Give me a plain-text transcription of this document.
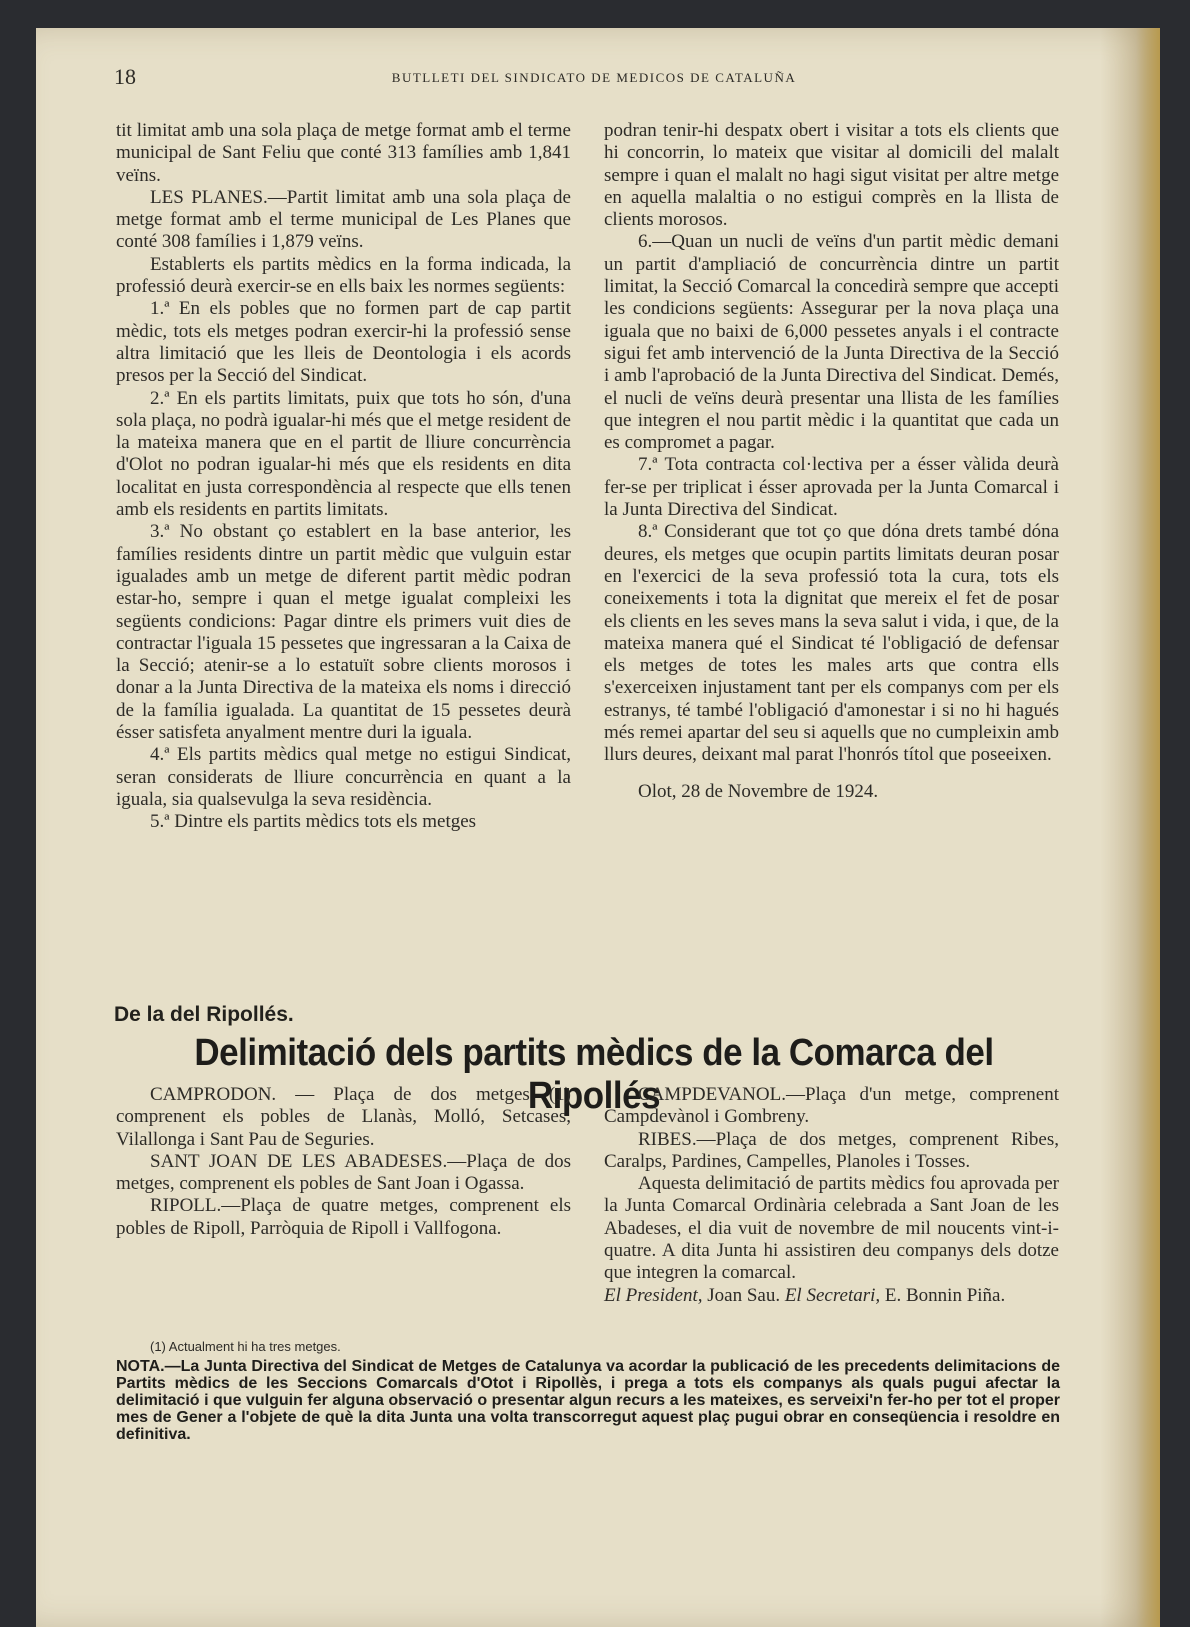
18	BUTLLETI DEL SINDICATO DE MEDICOS DE CATALUÑA

tit limitat amb una sola plaça de metge format amb el terme municipal de Sant Feliu que conté 313 famílies amb 1,841 veïns.

LES PLANES.—Partit limitat amb una sola plaça de metge format amb el terme municipal de Les Planes que conté 308 famílies i 1,879 veïns.

Establerts els partits mèdics en la forma indicada, la professió deurà exercir-se en ells baix les normes següents:

1.ª En els pobles que no formen part de cap partit mèdic, tots els metges podran exercir-hi la professió sense altra limitació que les lleis de Deontologia i els acords presos per la Secció del Sindicat.

2.ª En els partits limitats, puix que tots ho són, d'una sola plaça, no podrà igualar-hi més que el metge resident de la mateixa manera que en el partit de lliure concurrència d'Olot no podran igualar-hi més que els residents en dita localitat en justa correspondència al respecte que ells tenen amb els residents en partits limitats.

3.ª No obstant ço establert en la base anterior, les famílies residents dintre un partit mèdic que vulguin estar igualades amb un metge de diferent partit mèdic podran estar-ho, sempre i quan el metge igualat compleixi les següents condicions: Pagar dintre els primers vuit dies de contractar l'iguala 15 pessetes que ingressaran a la Caixa de la Secció; atenir-se a lo estatuït sobre clients morosos i donar a la Junta Directiva de la mateixa els noms i direcció de la família igualada. La quantitat de 15 pessetes deurà ésser satisfeta anyalment mentre duri la iguala.

4.ª Els partits mèdics qual metge no estigui Sindicat, seran considerats de lliure concurrència en quant a la iguala, sia qualsevulga la seva residència.

5.ª Dintre els partits mèdics tots els metges

podran tenir-hi despatx obert i visitar a tots els clients que hi concorrin, lo mateix que visitar al domicili del malalt sempre i quan el malalt no hagi sigut visitat per altre metge en aquella malaltia o no estigui comprès en la llista de clients morosos.

6.—Quan un nucli de veïns d'un partit mèdic demani un partit d'ampliació de concurrència dintre un partit limitat, la Secció Comarcal la concedirà sempre que accepti les condicions següents: Assegurar per la nova plaça una iguala que no baixi de 6,000 pessetes anyals i el contracte sigui fet amb intervenció de la Junta Directiva de la Secció i amb l'aprobació de la Junta Directiva del Sindicat. Demés, el nucli de veïns deurà presentar una llista de les famílies que integren el nou partit mèdic i la quantitat que cada un es compromet a pagar.

7.ª Tota contracta col·lectiva per a ésser vàlida deurà fer-se per triplicat i ésser aprovada per la Junta Comarcal i la Junta Directiva del Sindicat.

8.ª Considerant que tot ço que dóna drets també dóna deures, els metges que ocupin partits limitats deuran posar en l'exercici de la seva professió tota la cura, tots els coneixements i tota la dignitat que mereix el fet de posar els clients en les seves mans la seva salut i vida, i que, de la mateixa manera qué el Sindicat té l'obligació de defensar els metges de totes les males arts que contra ells s'exerceixen injustament tant per els companys com per els estranys, té també l'obligació d'amonestar i si no hi hagués més remei apartar del seu si aquells que no cumpleixin amb llurs deures, deixant mal parat l'honrós títol que poseeixen.

Olot, 28 de Novembre de 1924.

De la del Ripollés.
Delimitació dels partits mèdics de la Comarca del Ripollés

CAMPRODON. — Plaça de dos metges (1) comprenent els pobles de Llanàs, Molló, Setcases, Vilallonga i Sant Pau de Seguries.

SANT JOAN DE LES ABADESES.—Plaça de dos metges, comprenent els pobles de Sant Joan i Ogassa.

RIPOLL.—Plaça de quatre metges, comprenent els pobles de Ripoll, Parròquia de Ripoll i Vallfogona.

CAMPDEVANOL.—Plaça d'un metge, comprenent Campdevànol i Gombreny.

RIBES.—Plaça de dos metges, comprenent Ribes, Caralps, Pardines, Campelles, Planoles i Tosses.

Aquesta delimitació de partits mèdics fou aprovada per la Junta Comarcal Ordinària celebrada a Sant Joan de les Abadeses, el dia vuit de novembre de mil noucents vint-i-quatre. A dita Junta hi assistiren deu companys dels dotze que integren la comarcal.

El President, Joan Sau. El Secretari, E. Bonnin Piña.

(1) Actualment hi ha tres metges.
NOTA.—La Junta Directiva del Sindicat de Metges de Catalunya va acordar la publicació de les precedents delimitacions de Partits mèdics de les Seccions Comarcals d'Otot i Ripollès, i prega a tots els companys als quals pugui afectar la delimitació i que vulguin fer alguna observació o presentar algun recurs a les mateixes, es serveixi'n fer-ho per tot el proper mes de Gener a l'objete de què la dita Junta una volta transcorregut aquest plaç pugui obrar en conseqüencia i resoldre en definitiva.
